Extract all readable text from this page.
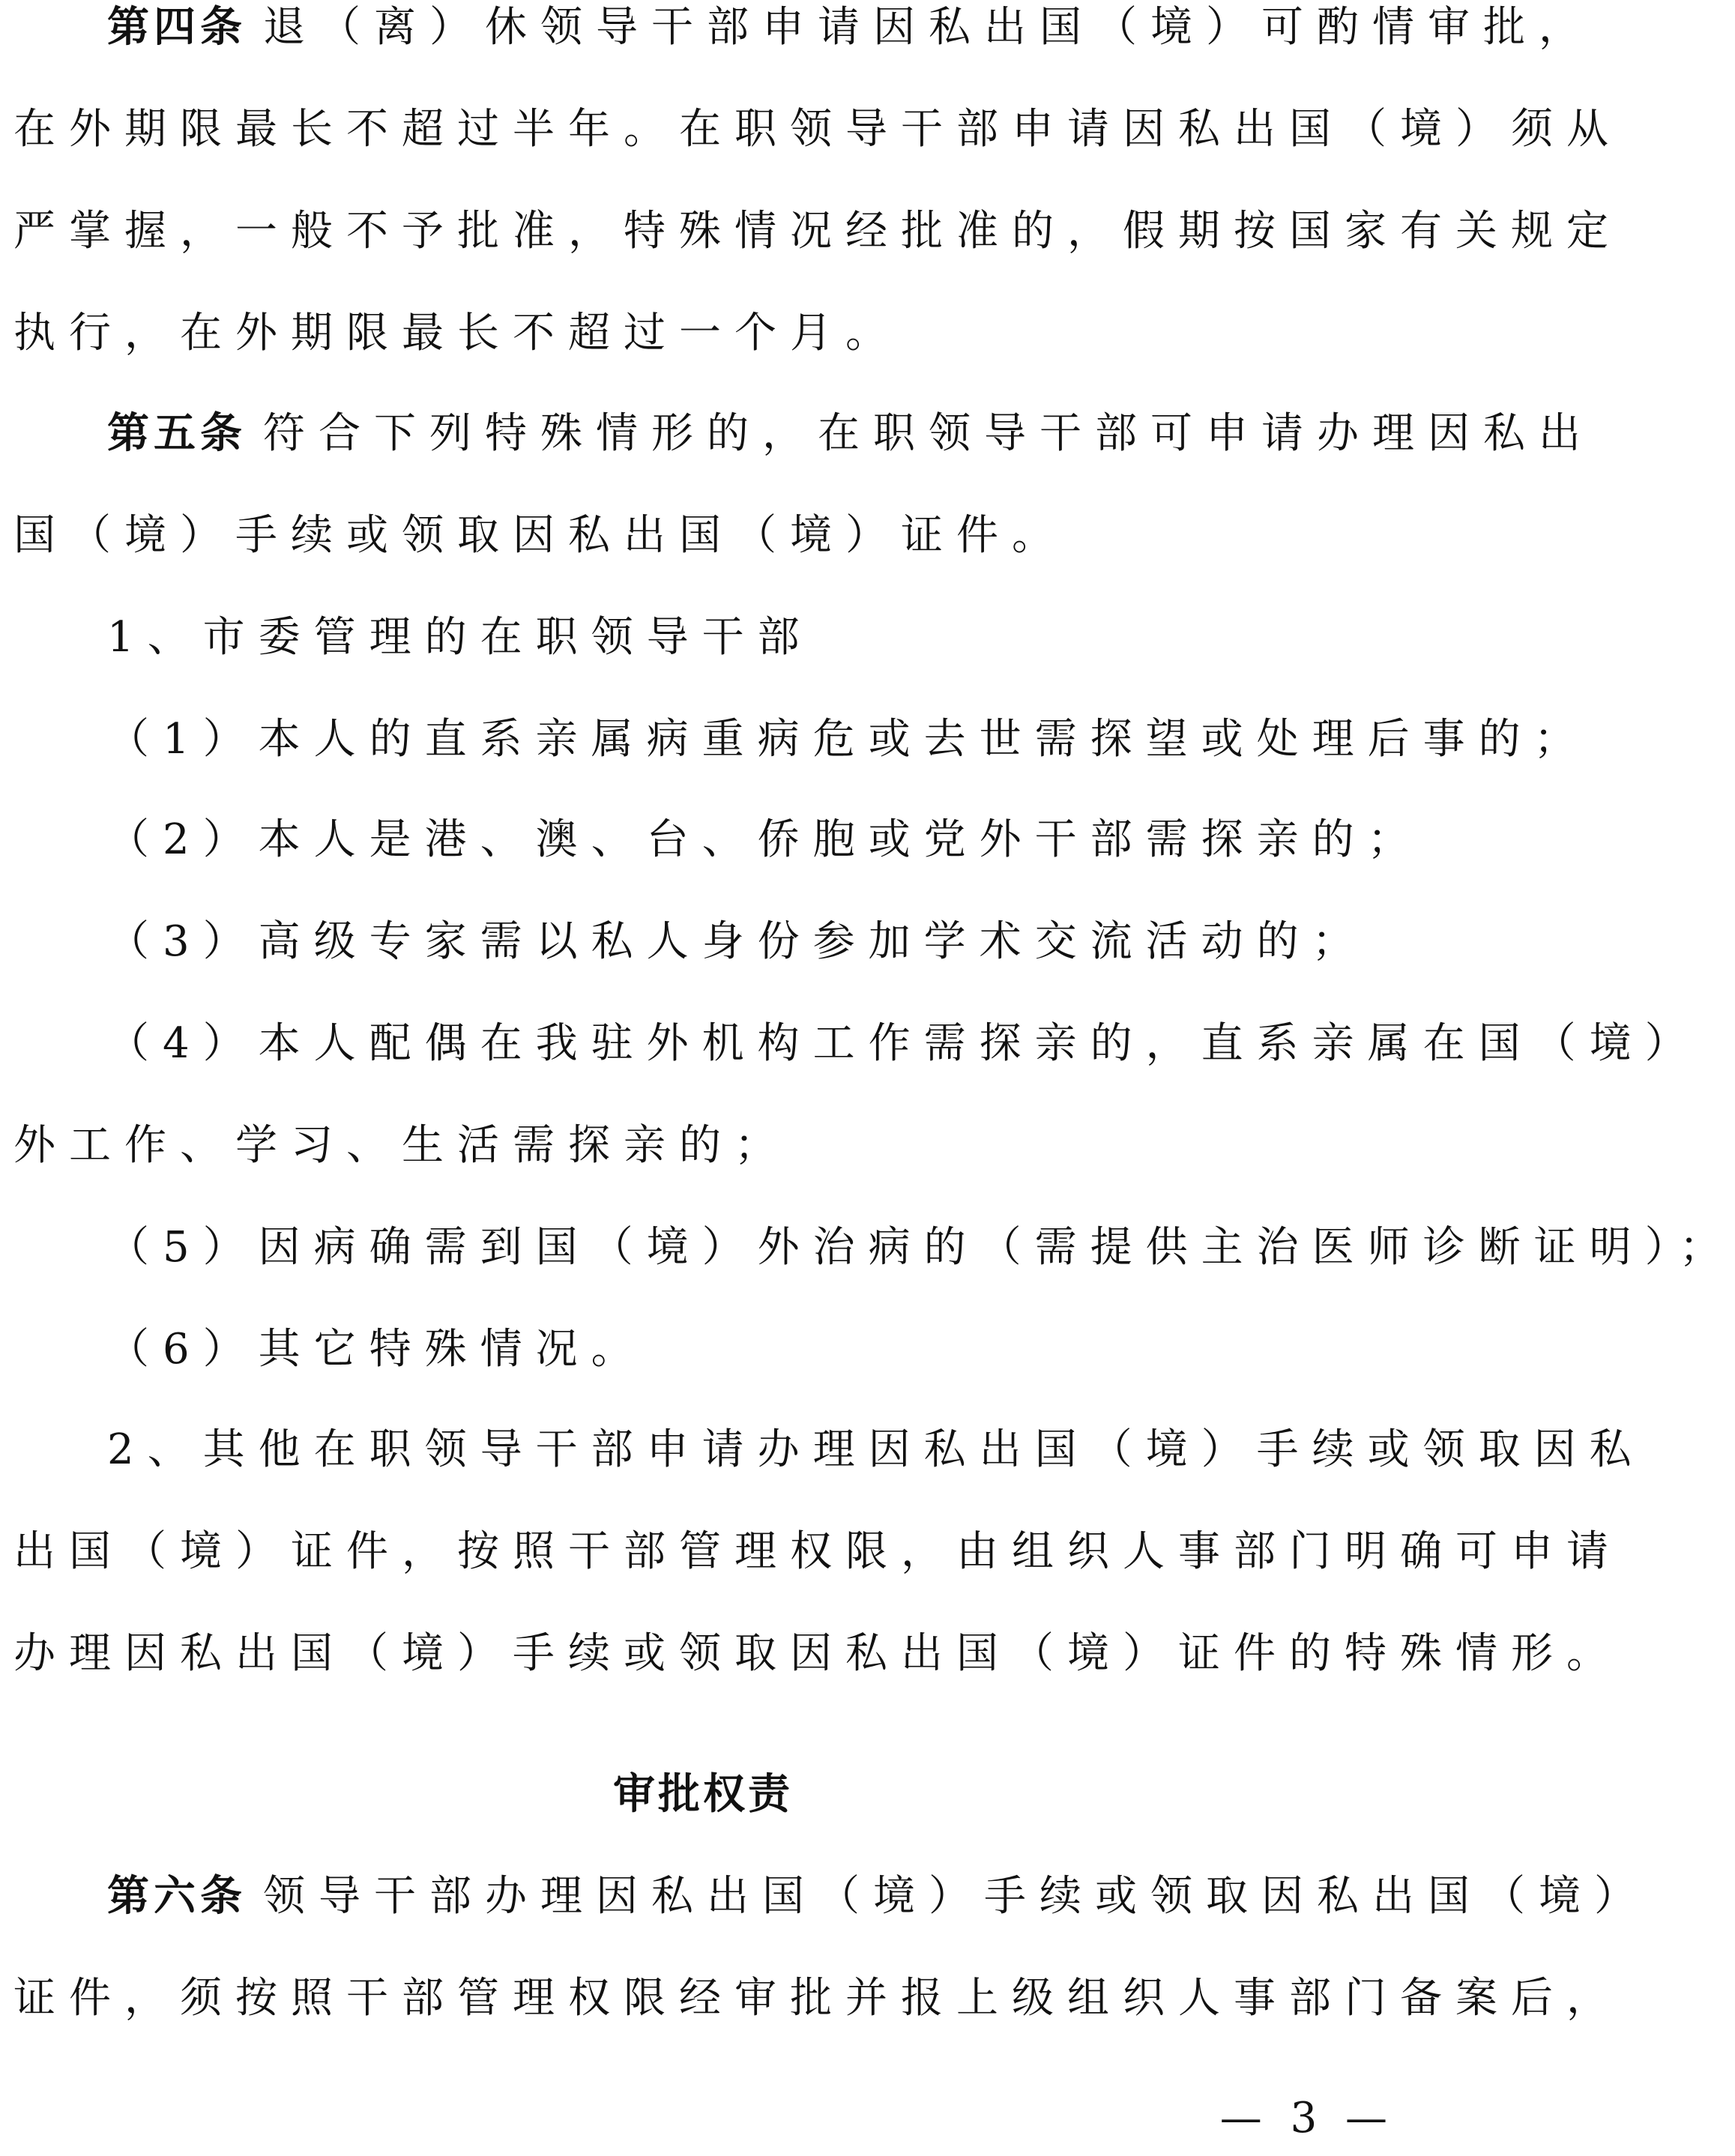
第四条 退（离）休领导干部申请因私出国（境）可酌情审批，
在外期限最长不超过半年。在职领导干部申请因私出国（境）须从
严掌握，一般不予批准，特殊情况经批准的，假期按国家有关规定
执行，在外期限最长不超过一个月。
第五条 符合下列特殊情形的，在职领导干部可申请办理因私出
国（境）手续或领取因私出国（境）证件。
1、市委管理的在职领导干部
（1）本人的直系亲属病重病危或去世需探望或处理后事的；
（2）本人是港、澳、台、侨胞或党外干部需探亲的；
（3）高级专家需以私人身份参加学术交流活动的；
（4）本人配偶在我驻外机构工作需探亲的，直系亲属在国（境）
外工作、学习、生活需探亲的；
（5）因病确需到国（境）外治病的（需提供主治医师诊断证明）；
（6）其它特殊情况。
2、其他在职领导干部申请办理因私出国（境）手续或领取因私
出国（境）证件，按照干部管理权限，由组织人事部门明确可申请
办理因私出国（境）手续或领取因私出国（境）证件的特殊情形。
审批权责
第六条 领导干部办理因私出国（境）手续或领取因私出国（境）
证件，须按照干部管理权限经审批并报上级组织人事部门备案后，
— 3 —
